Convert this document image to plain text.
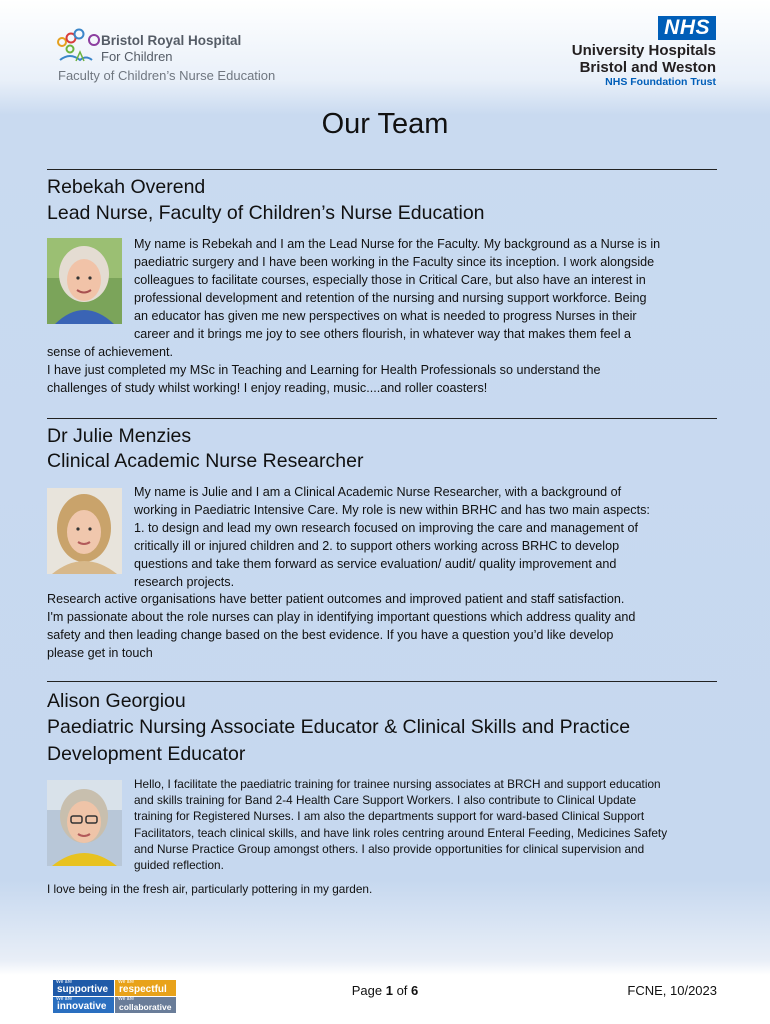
Bristol Royal Hospital
For Children
Faculty of Children’s Nurse Education
NHS
University Hospitals
Bristol and Weston
NHS Foundation Trust
Our Team
Rebekah Overend
Lead Nurse, Faculty of Children’s Nurse Education
My name is Rebekah and I am the Lead Nurse for the Faculty. My background as a Nurse is in
paediatric surgery and I have been working in the Faculty since its inception. I work alongside
colleagues to facilitate courses, especially those in Critical Care, but also have an interest in
professional development and retention of the nursing and nursing support workforce. Being
an educator has given me new perspectives on what is needed to progress Nurses in their
career and it brings me joy to see others flourish, in whatever way that makes them feel a
sense of achievement.
I have just completed my MSc in Teaching and Learning for Health Professionals so understand the
challenges of study whilst working! I enjoy reading, music....and roller coasters!
Dr Julie Menzies
Clinical Academic Nurse Researcher
My name is Julie and I am a Clinical Academic Nurse Researcher, with a background of
working in Paediatric Intensive Care. My role is new within BRHC and has two main aspects:
1. to design and lead my own research focused on improving the care and management of
critically ill or injured children and 2. to support others working across BRHC to develop
questions and take them forward as service evaluation/ audit/ quality improvement and
research projects.
Research active organisations have better patient outcomes and improved patient and staff satisfaction.
I'm passionate about the role nurses can play in identifying important questions which address quality and
safety and then leading change based on the best evidence. If you have a question you’d like develop
please get in touch
Alison Georgiou
Paediatric Nursing Associate Educator & Clinical Skills and Practice
Development Educator
Hello, I facilitate the paediatric training for trainee nursing associates at BRCH and support education
and skills training for Band 2-4 Health Care Support Workers. I also contribute to Clinical Update
training for Registered Nurses. I am also the departments support for ward-based Clinical Support
Facilitators, teach clinical skills, and have link roles centring around Enteral Feeding, Medicines Safety
and Nurse Practice Group amongst others. I also provide opportunities for clinical supervision and
guided reflection.
I love being in the fresh air, particularly pottering in my garden.
We are
supportive
We are
respectful
We are
innovative
We are
collaborative
Page 1 of 6	FCNE, 10/2023
